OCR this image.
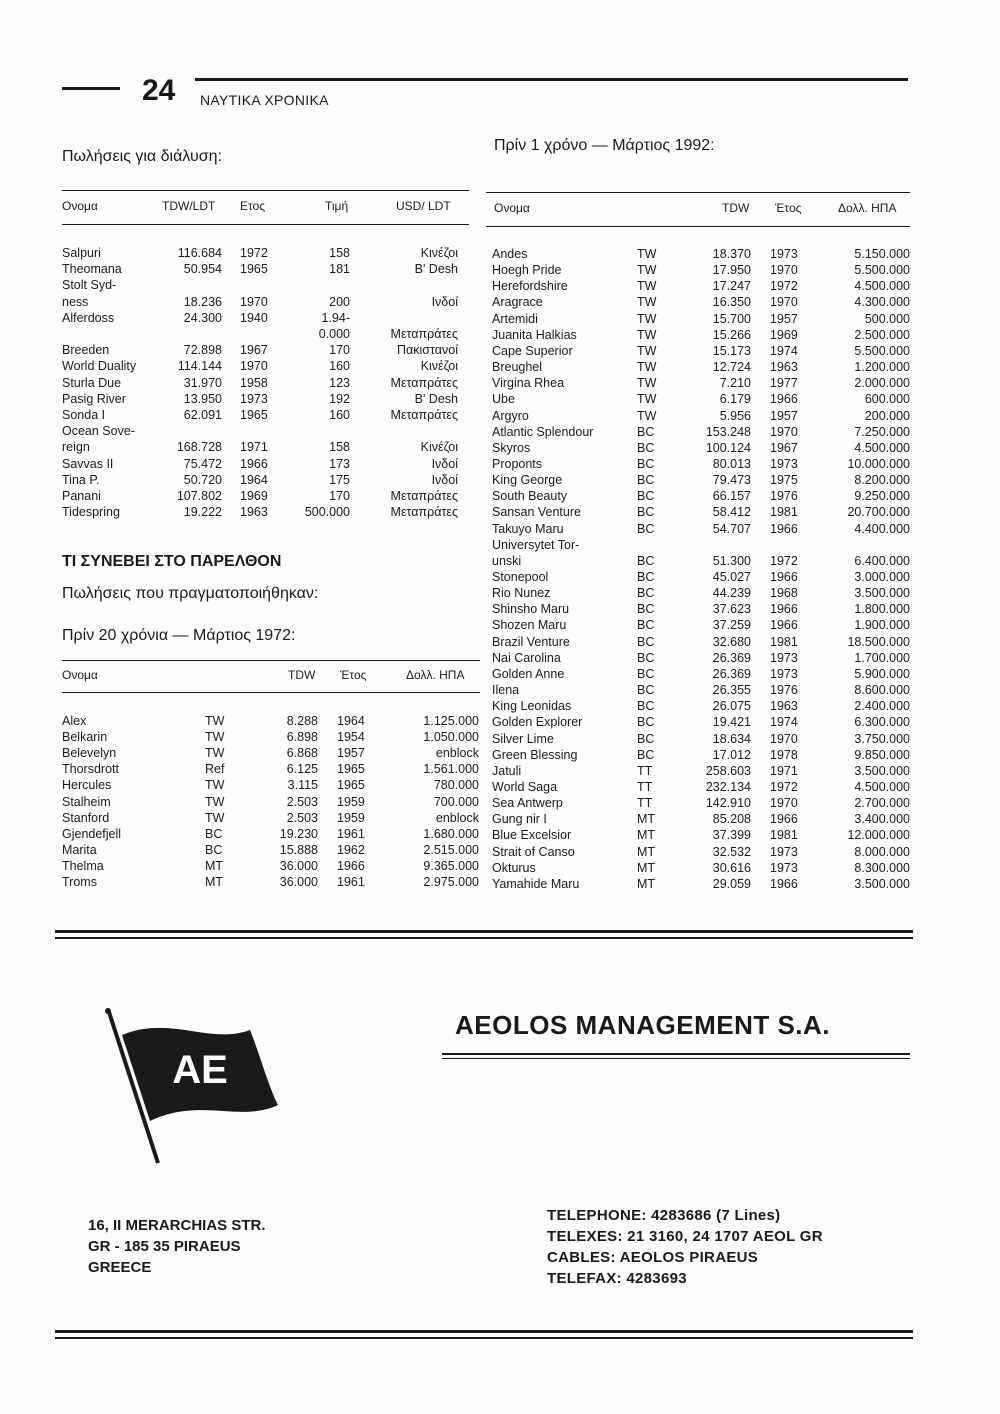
24 ΝΑΥΤΙΚΑ ΧΡΟΝΙΚΑ
Πωλήσεις για διάλυση:
Ονομα	TDW/LDT Ετος	Τιμή	USD/ LDT
Salpuri	116.684 1972	158	Κινέζοι
Theomana	50.954 1965	181	Β' Desh
Stolt Syd-
ness	18.236 1970	200	Ινδοί
Alferdoss	24.300 1940	1.94-
0.000	Μεταπράτες
Breeden	72.898 1967	170	Πακιστανοί
World Duality	114.144 1970	160	Κινέζοι
Sturla Due	31.970 1958	123	Μεταπράτες
Pasig River	13.950 1973	192	Β' Desh
Sonda I	62.091 1965	160	Μεταπράτες
Ocean Sove-
reign	168.728 1971	158	Κινέζοι
Savvas II	75.472 1966	173	Ινδοί
Tina P.	50.720 1964	175	Ινδοί
Panani	107.802 1969	170	Μεταπράτες
Tidespring	19.222 1963	500.000	Μεταπράτες
ΤΙ ΣΥΝΕΒΕΙ ΣΤΟ ΠΑΡΕΛΘΟΝ
Πωλήσεις που πραγματοποιήθηκαν:
Πρίν 20 χρόνια — Μάρτιος 1972:
Ονομα	TDW Έτος	Δολλ. ΗΠΑ
Alex	TW	8.288 1964	1.125.000
Belkarin	TW	6.898 1954	1.050.000
Belevelyn	TW	6.868 1957	enblock
Thorsdrott	Ref	6.125 1965	1.561.000
Hercules	TW	3.115 1965	780.000
Stalheim	TW	2.503 1959	700.000
Stanford	TW	2.503 1959	enblock
Gjendefjell	BC	19.230 1961	1.680.000
Marita	BC	15.888 1962	2.515.000
Thelma	MT	36.000 1966	9.365.000
Troms	MT	36.000 1961	2.975.000
Πρίν 1 χρόνο — Μάρτιος 1992:
Ονομα	TDW Έτος	Δολλ. ΗΠΑ
Andes	TW	18.370 1973	5.150.000
Hoegh Pride	TW	17.950 1970	5.500.000
Herefordshire	TW	17.247 1972	4.500.000
Aragrace	TW	16.350 1970	4.300.000
Artemidi	TW	15.700 1957	500.000
Juanita Halkias	TW	15.266 1969	2.500.000
Cape Superior	TW	15.173 1974	5.500.000
Breughel	TW	12.724 1963	1.200.000
Virgina Rhea	TW	7.210 1977	2.000.000
Ube	TW	6.179 1966	600.000
Argyro	TW	5.956 1957	200.000
Atlantic Splendour	BC	153.248 1970	7.250.000
Skyros	BC	100.124 1967	4.500.000
Proponts	BC	80.013 1973	10.000.000
King George	BC	79.473 1975	8.200.000
South Beauty	BC	66.157 1976	9.250.000
Sansan Venture	BC	58.412 1981	20.700.000
Takuyo Maru	BC	54.707 1966	4.400.000
Universytet Tor-
unski	BC	51.300 1972	6.400.000
Stonepool	BC	45.027 1966	3.000.000
Rio Nunez	BC	44.239 1968	3.500.000
Shinsho Maru	BC	37.623 1966	1.800.000
Shozen Maru	BC	37.259 1966	1.900.000
Brazil Venture	BC	32.680 1981	18.500.000
Nai Carolina	BC	26.369 1973	1.700.000
Golden Anne	BC	26.369 1973	5.900.000
Ilena	BC	26.355 1976	8.600.000
King Leonidas	BC	26.075 1963	2.400.000
Golden Explorer	BC	19.421 1974	6.300.000
Silver Lime	BC	18.634 1970	3.750.000
Green Blessing	BC	17.012 1978	9.850.000
Jatuli	TT	258.603 1971	3.500.000
World Saga	TT	232.134 1972	4.500.000
Sea Antwerp	TT	142.910 1970	2.700.000
Gung nir I	MT	85.208 1966	3.400.000
Blue Excelsior	MT	37.399 1981	12.000.000
Strait of Canso	MT	32.532 1973	8.000.000
Okturus	MT	30.616 1973	8.300.000
Yamahide Maru	MT	29.059 1966	3.500.000
AE
AEOLOS MANAGEMENT S.A.
16, II MERARCHIAS STR.
GR - 185 35 PIRAEUS
GREECE
TELEPHONE: 4283686 (7 Lines)
TELEXES: 21 3160, 24 1707 AEOL GR
CABLES: AEOLOS PIRAEUS
TELEFAX: 4283693
